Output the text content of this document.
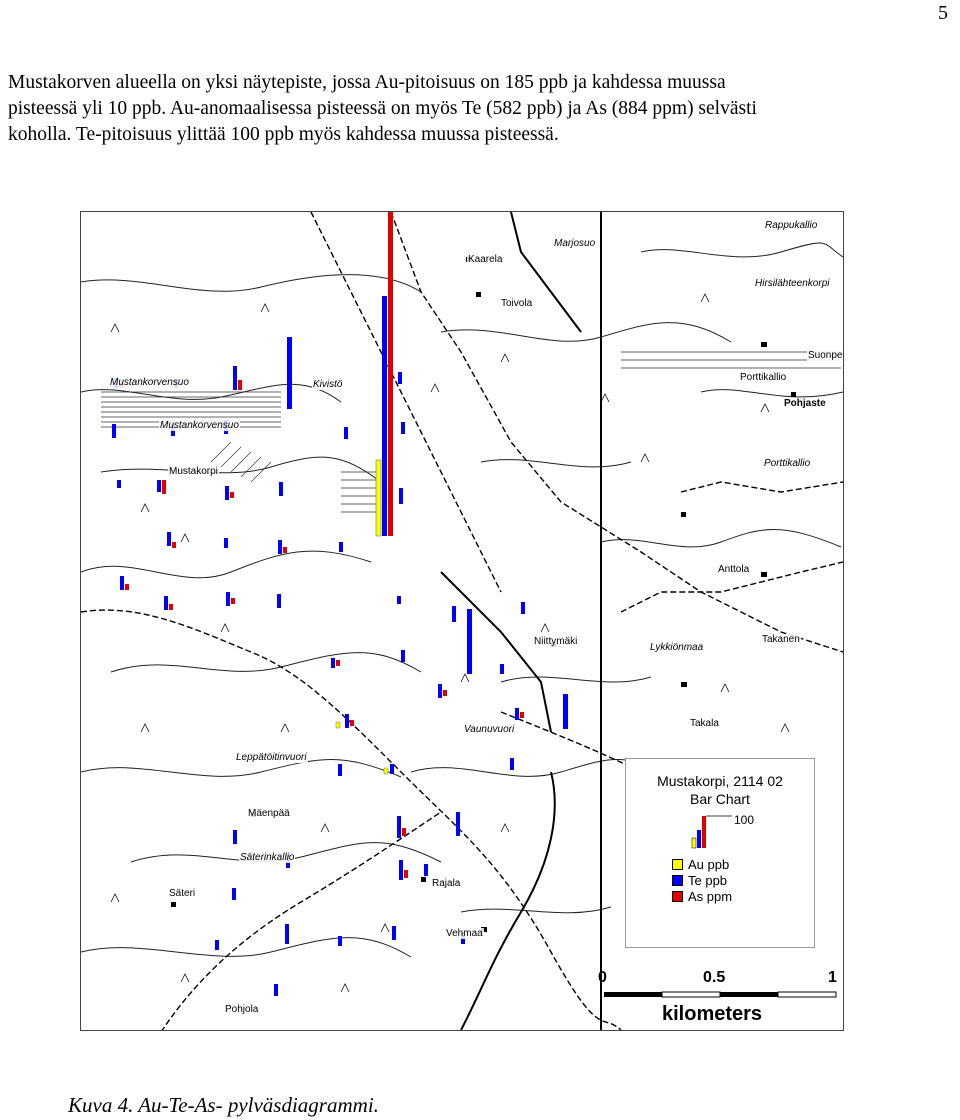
5

Mustakorven alueella on yksi näytepiste, jossa Au-pitoisuus on 185 ppb ja kahdessa muussa

pisteessä yli 10 ppb. Au-anomaalisessa pisteessä on myös Te (582 ppb) ja As (884 ppm) selvästi

koholla. Te-pitoisuus ylittää 100 ppb myös kahdessa muussa pisteessä.

Kaarela
Marjosuo
Rappukallio
Toivola
Hirsilähteenkorpi
Suonpe
Porttikallio
Pohjaste
Mustankorvensuo	Kivistö
Mustankorvensuo
Porttikallio
Mustakorpi
Anttola
Niittymäki
Lykkiönmaa
Takanen
Takala
Vaunuvuori
Leppätöitinvuori
Mäenpää
Säterinkallio
Säteri
Rajala
Vehmaa
Pohjola
Mustakorpi, 2114 02
Bar Chart
100
Au ppb
Te ppb
As ppm
0	0.5	1
kilometers
Kuva 4. Au-Te-As- pylväsdiagrammi.
